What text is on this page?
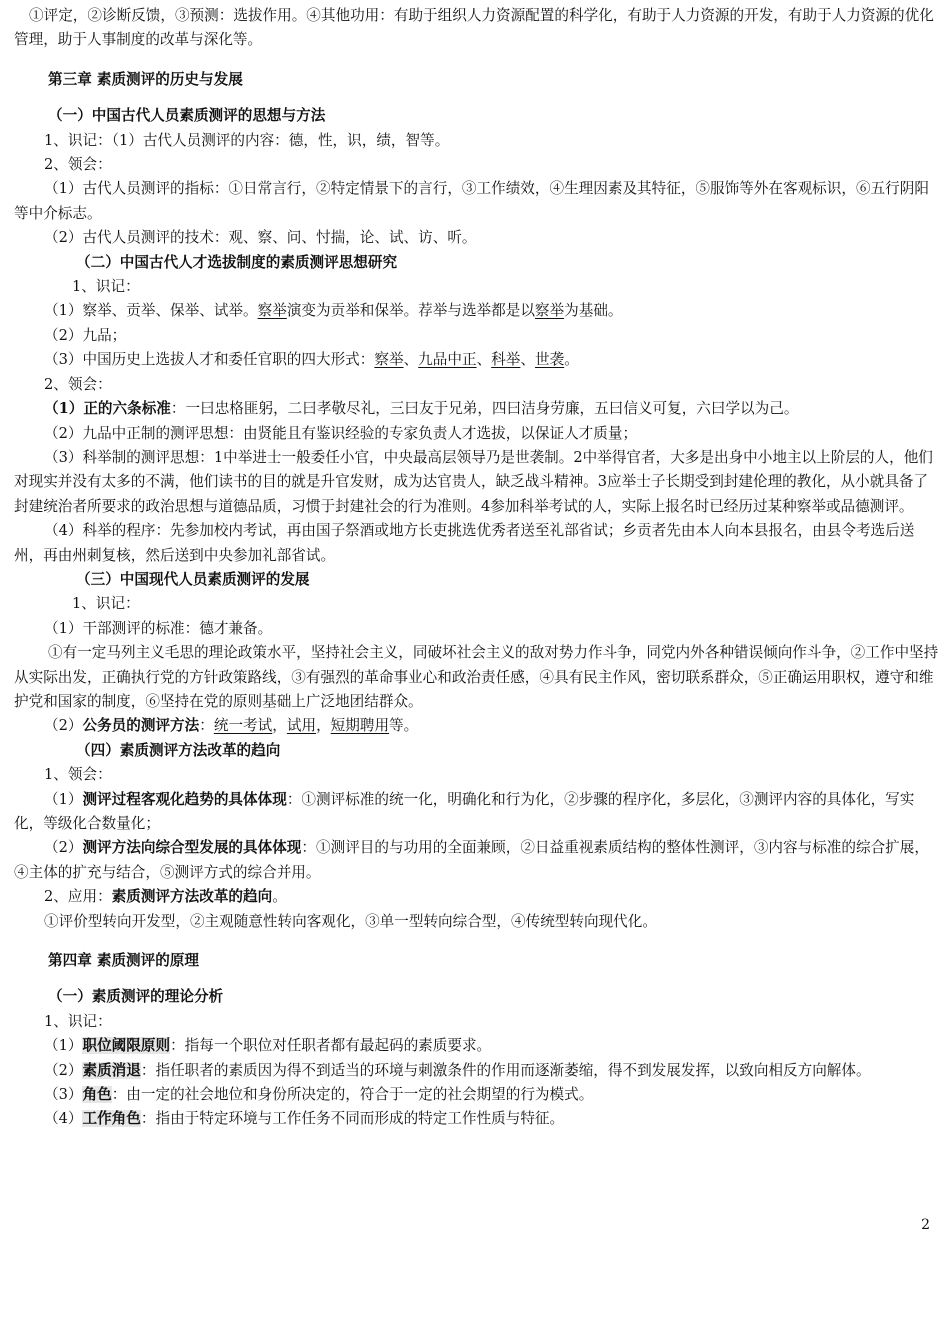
①评定，②诊断反馈，③预测：选拔作用。④其他功用：有助于组织人力资源配置的科学化，有助于人力资源的开发，有助于人力资源的优化管理，助于人事制度的改革与深化等。

第三章 素质测评的历史与发展

（一）中国古代人员素质测评的思想与方法

1、识记：（1）古代人员测评的内容：德，性，识，绩，智等。

2、领会：

（1）古代人员测评的指标：①日常言行，②特定情景下的言行，③工作绩效，④生理因素及其特征，⑤服饰等外在客观标识，⑥五行阴阳等中介标志。

（2）古代人员测评的技术：观、察、问、忖揣，论、试、访、听。

（二）中国古代人才选拔制度的素质测评思想研究

1、识记：

（1）察举、贡举、保举、试举。察举演变为贡举和保举。荐举与选举都是以察举为基础。

（2）九品；

（3）中国历史上选拔人才和委任官职的四大形式：察举、九品中正、科举、世袭。

2、领会：

（1）正的六条标准：一曰忠格匪躬，二曰孝敬尽礼，三曰友于兄弟，四曰洁身劳廉，五曰信义可复，六曰学以为己。

（2）九品中正制的测评思想：由贤能且有鉴识经验的专家负责人才选拔，以保证人才质量；

（3）科举制的测评思想：1中举进士一般委任小官，中央最高层领导乃是世袭制。2中举得官者，大多是出身中小地主以上阶层的人，他们对现实并没有太多的不满，他们读书的目的就是升官发财，成为达官贵人，缺乏战斗精神。3应举士子长期受到封建伦理的教化，从小就具备了封建统治者所要求的政治思想与道德品质，习惯于封建社会的行为准则。4参加科举考试的人，实际上报名时已经历过某种察举或品德测评。

（4）科举的程序：先参加校内考试，再由国子祭酒或地方长吏挑选优秀者送至礼部省试；乡贡者先由本人向本县报名，由县令考选后送州，再由州刺复核，然后送到中央参加礼部省试。

（三）中国现代人员素质测评的发展

1、识记：

（1）干部测评的标准：德才兼备。

①有一定马列主义毛思的理论政策水平，坚持社会主义，同破坏社会主义的敌对势力作斗争，同党内外各种错误倾向作斗争，②工作中坚持从实际出发，正确执行党的方针政策路线，③有强烈的革命事业心和政治责任感，④具有民主作风，密切联系群众，⑤正确运用职权，遵守和维护党和国家的制度，⑥坚持在党的原则基础上广泛地团结群众。

（2）公务员的测评方法：统一考试，试用，短期聘用等。

（四）素质测评方法改革的趋向

1、领会：

（1）测评过程客观化趋势的具体体现：①测评标准的统一化，明确化和行为化，②步骤的程序化，多层化，③测评内容的具体化，写实化，等级化合数量化；

（2）测评方法向综合型发展的具体体现：①测评目的与功用的全面兼顾，②日益重视素质结构的整体性测评，③内容与标准的综合扩展，④主体的扩充与结合，⑤测评方式的综合并用。

2、应用：素质测评方法改革的趋向。

①评价型转向开发型，②主观随意性转向客观化，③单一型转向综合型，④传统型转向现代化。

第四章 素质测评的原理

（一）素质测评的理论分析

1、识记：

（1）职位阈限原则：指每一个职位对任职者都有最起码的素质要求。

（2）素质消退：指任职者的素质因为得不到适当的环境与刺激条件的作用而逐渐萎缩，得不到发展发挥，以致向相反方向解体。

（3）角色：由一定的社会地位和身份所决定的，符合于一定的社会期望的行为模式。

（4）工作角色：指由于特定环境与工作任务不同而形成的特定工作性质与特征。

2
